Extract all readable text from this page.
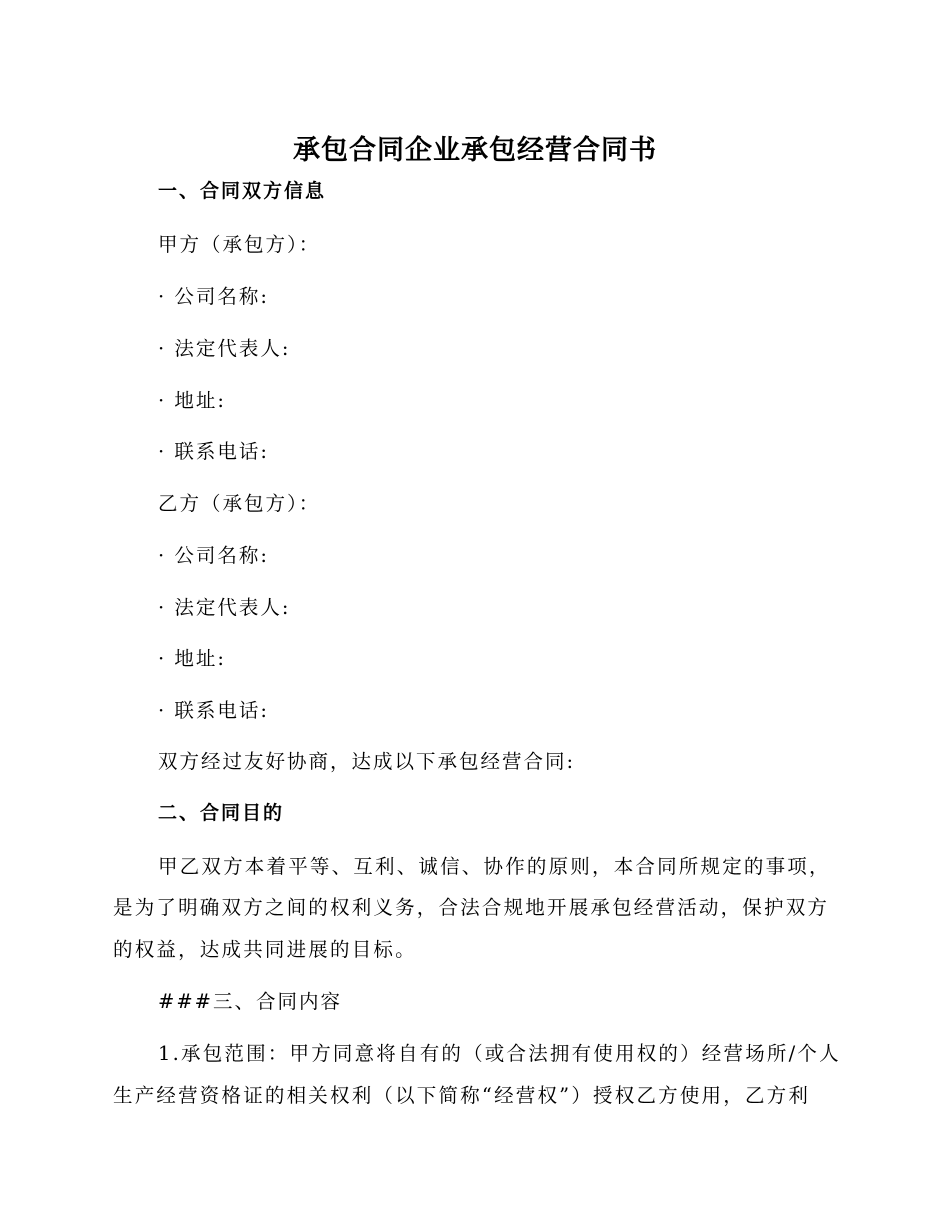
承包合同企业承包经营合同书
一、合同双方信息
甲方（承包方）：
· 公司名称:
· 法定代表人:
· 地址:
· 联系电话:
乙方（承包方）：
· 公司名称:
· 法定代表人:
· 地址:
· 联系电话:
双方经过友好协商，达成以下承包经营合同:
二、合同目的
甲乙双方本着平等、互利、诚信、协作的原则，本合同所规定的事项，
是为了明确双方之间的权利义务，合法合规地开展承包经营活动，保护双方
的权益，达成共同进展的目标。
###三、合同内容
1.承包范围：甲方同意将自有的（或合法拥有使用权的）经营场所/个人
生产经营资格证的相关权利（以下简称“经营权”）授权乙方使用，乙方利
